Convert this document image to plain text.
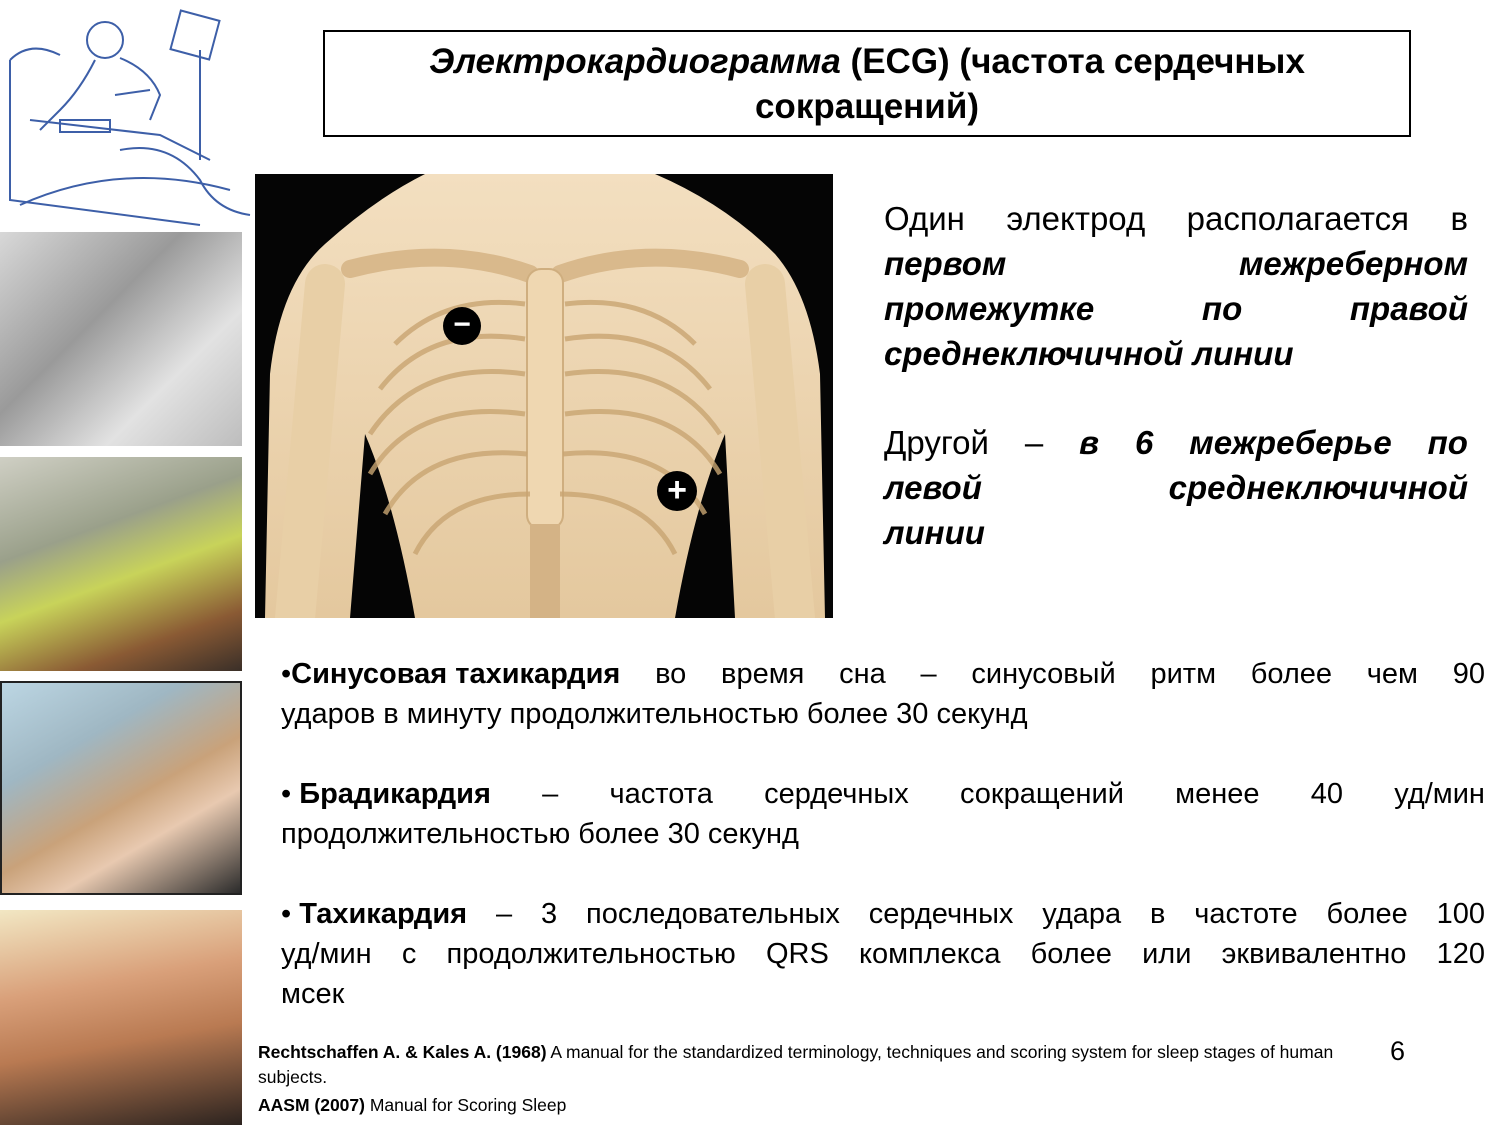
Электрокардиограмма (ECG) (частота сердечных
сокращений)
−
+
Один электрод располагается в
первом	межреберном
промежутке	по	правой
среднеключичной линии
Другой – в 6 межреберье по
левой	среднеключичной
линии
•Синусовая тахикардия во время сна – синусовый ритм более чем 90
ударов в минуту продолжительностью более 30 секунд
• Брадикардия – частота сердечных сокращений менее 40 уд/мин
продолжительностью более 30 секунд
• Тахикардия – 3 последовательных сердечных удара в частоте более 100
уд/мин с продолжительностью QRS комплекса более или эквивалентно 120
мсек
Rechtschaffen A. & Kales A. (1968) A manual for the standardized terminology, techniques and scoring system for sleep stages of human subjects.
AASM (2007) Manual for Scoring Sleep
6
